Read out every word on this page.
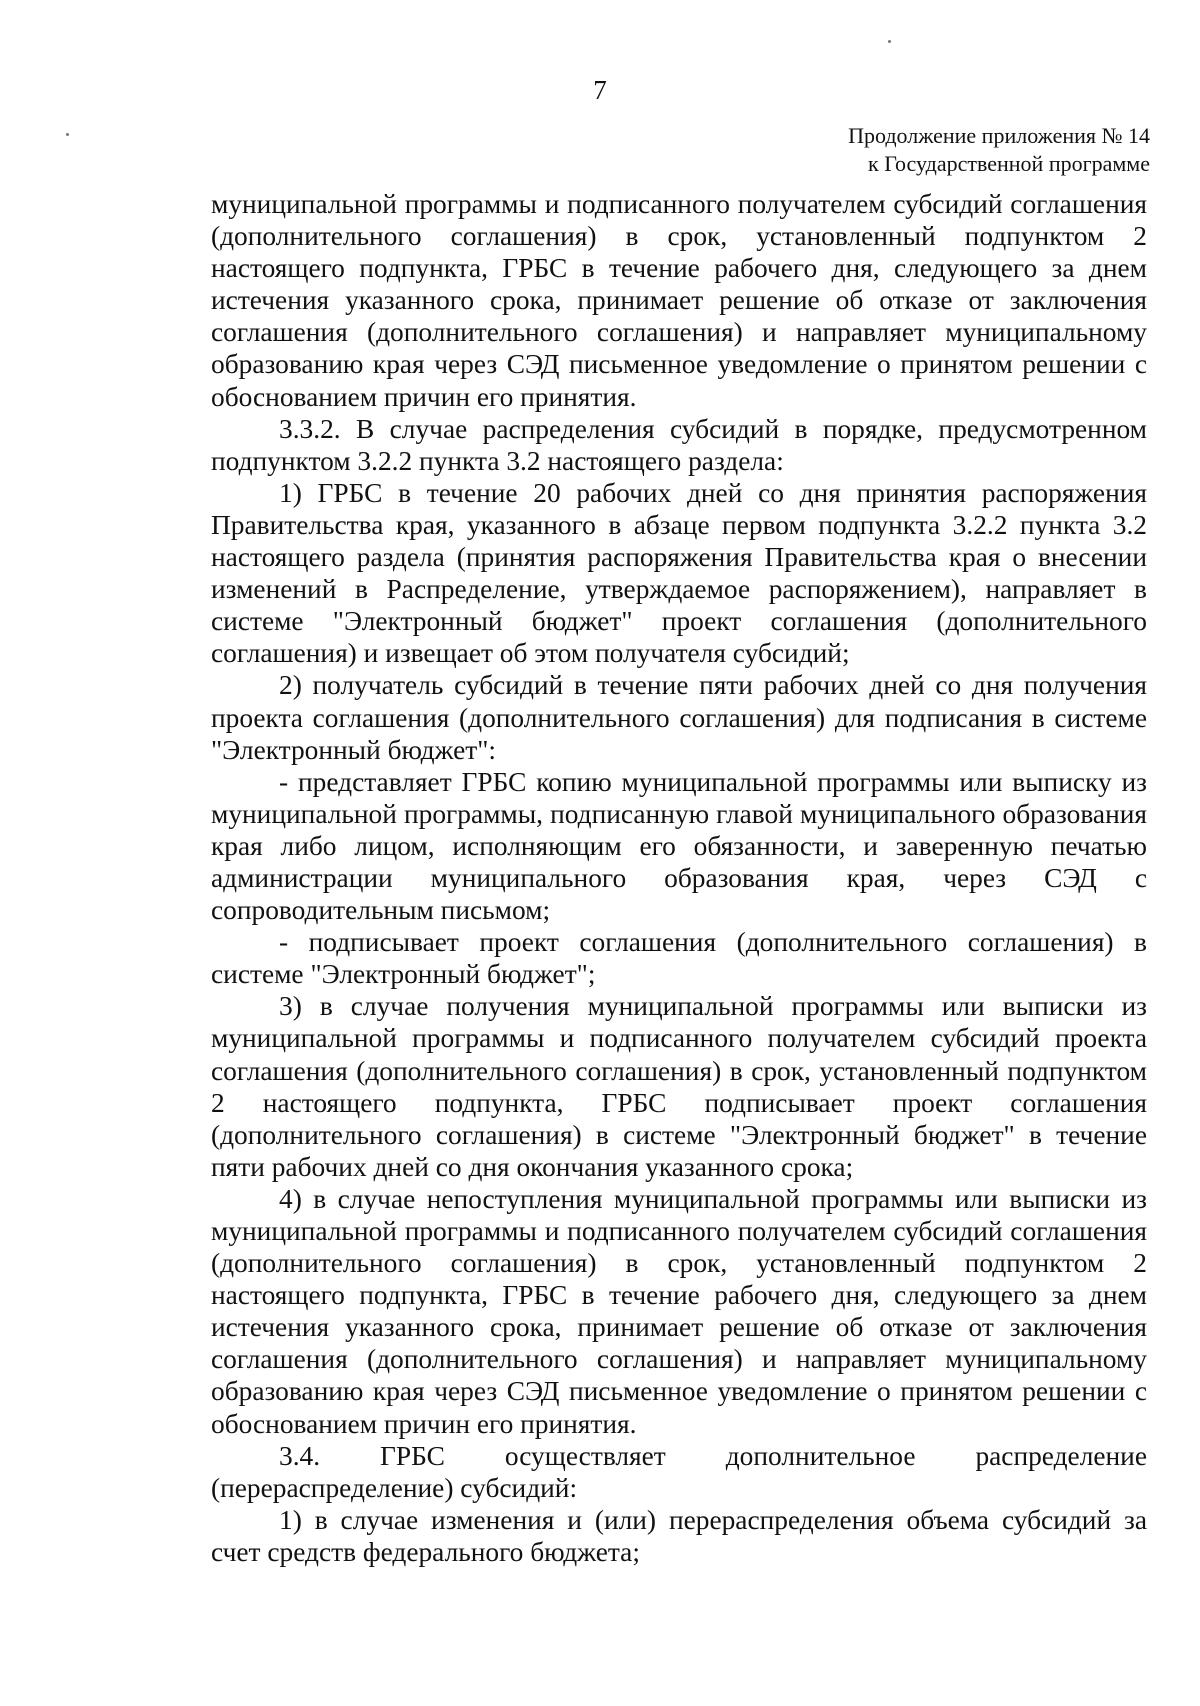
7
Продолжение приложения № 14
к Государственной программе

муниципальной программы и подписанного получателем субсидий соглашения (дополнительного соглашения) в срок, установленный подпунктом 2 настоящего подпункта, ГРБС в течение рабочего дня, следующего за днем истечения указанного срока, принимает решение об отказе от заключения соглашения (дополнительного соглашения) и направляет муниципальному образованию края через СЭД письменное уведомление о принятом решении с обоснованием причин его принятия.

3.3.2. В случае распределения субсидий в порядке, предусмотренном подпунктом 3.2.2 пункта 3.2 настоящего раздела:

1) ГРБС в течение 20 рабочих дней со дня принятия распоряжения Правительства края, указанного в абзаце первом подпункта 3.2.2 пункта 3.2 настоящего раздела (принятия распоряжения Правительства края о внесении изменений в Распределение, утверждаемое распоряжением), направляет в системе "Электронный бюджет" проект соглашения (дополнительного соглашения) и извещает об этом получателя субсидий;

2) получатель субсидий в течение пяти рабочих дней со дня получения проекта соглашения (дополнительного соглашения) для подписания в системе "Электронный бюджет":

- представляет ГРБС копию муниципальной программы или выписку из муниципальной программы, подписанную главой муниципального образования края либо лицом, исполняющим его обязанности, и заверенную печатью администрации муниципального образования края, через СЭД с сопроводительным письмом;

- подписывает проект соглашения (дополнительного соглашения) в системе "Электронный бюджет";

3) в случае получения муниципальной программы или выписки из муниципальной программы и подписанного получателем субсидий проекта соглашения (дополнительного соглашения) в срок, установленный подпунктом 2 настоящего подпункта, ГРБС подписывает проект соглашения (дополнительного соглашения) в системе "Электронный бюджет" в течение пяти рабочих дней со дня окончания указанного срока;

4) в случае непоступления муниципальной программы или выписки из муниципальной программы и подписанного получателем субсидий соглашения (дополнительного соглашения) в срок, установленный подпунктом 2 настоящего подпункта, ГРБС в течение рабочего дня, следующего за днем истечения указанного срока, принимает решение об отказе от заключения соглашения (дополнительного соглашения) и направляет муниципальному образованию края через СЭД письменное уведомление о принятом решении с обоснованием причин его принятия.

3.4. ГРБС осуществляет дополнительное распределение (перераспределение) субсидий:

1) в случае изменения и (или) перераспределения объема субсидий за счет средств федерального бюджета;
